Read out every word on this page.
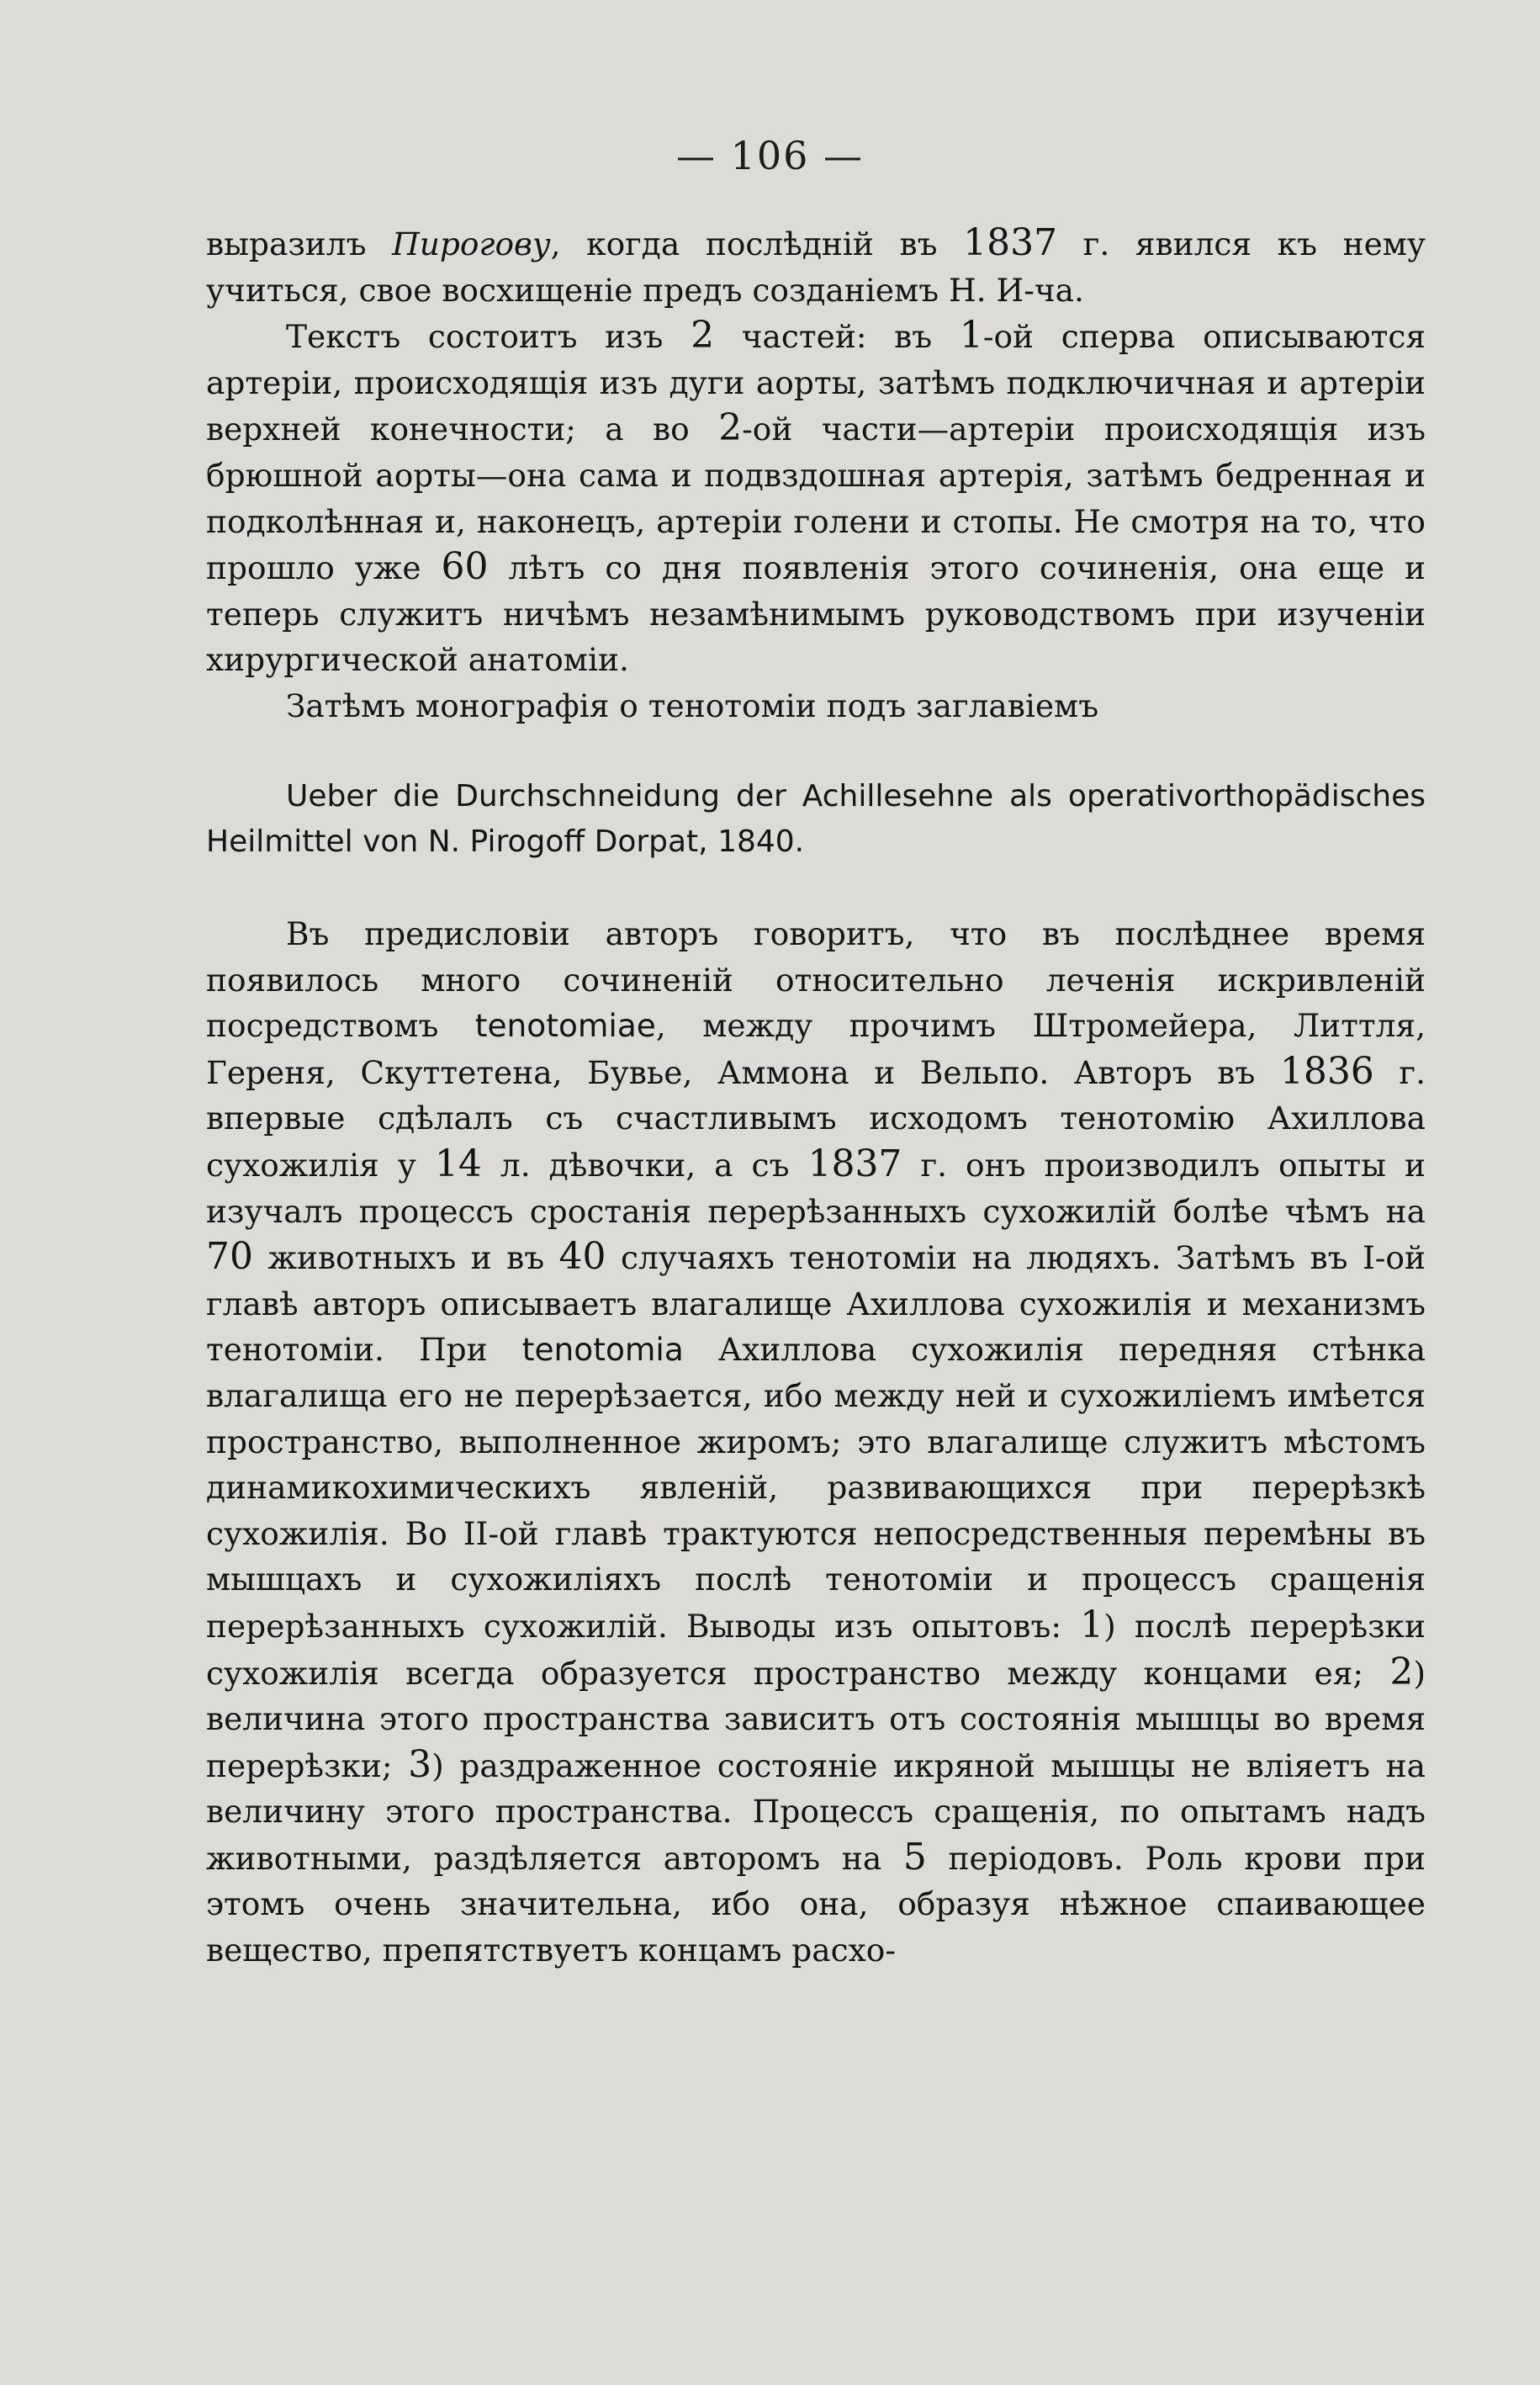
— 106 —

выразилъ Пирогову, когда послѣдній въ 1837 г. явился къ нему учиться, свое восхищеніе предъ созданіемъ Н. И-ча.

Текстъ состоитъ изъ 2 частей: въ 1-ой сперва описываются артеріи, происходящія изъ дуги аорты, затѣмъ подключичная и артеріи верхней конечности; а во 2-ой части—артеріи происходящія изъ брюшной аорты—она сама и подвздошная артерія, затѣмъ бедренная и подколѣнная и, наконецъ, артеріи голени и стопы. Не смотря на то, что прошло уже 60 лѣтъ со дня появленія этого сочиненія, она еще и теперь служитъ ничѣмъ незамѣнимымъ руководствомъ при изученіи хирургической анатоміи.

Затѣмъ монографія о тенотоміи подъ заглавіемъ

Ueber die Durchschneidung der Achillesehne als operativorthopädisches Heilmittel von N. Pirogoff Dorpat, 1840.

Въ предисловіи авторъ говоритъ, что въ послѣднее время появилось много сочиненій относительно леченія искривленій посредствомъ tenotomiae, между прочимъ Штромейера, Литтля, Гереня, Скуттетена, Бувье, Аммона и Вельпо. Авторъ въ 1836 г. впервые сдѣлалъ съ счастливымъ исходомъ тенотомію Ахиллова сухожилія у 14 л. дѣвочки, а съ 1837 г. онъ производилъ опыты и изучалъ процессъ сростанія перерѣзанныхъ сухожилій болѣе чѣмъ на 70 животныхъ и въ 40 случаяхъ тенотоміи на людяхъ. Затѣмъ въ I-ой главѣ авторъ описываетъ влагалище Ахиллова сухожилія и механизмъ тенотоміи. При tenotomia Ахиллова сухожилія передняя стѣнка влагалища его не перерѣзается, ибо между ней и сухожиліемъ имѣется пространство, выполненное жиромъ; это влагалище служитъ мѣстомъ динамикохимическихъ явленій, развивающихся при перерѣзкѣ сухожилія. Во II-ой главѣ трактуются непосредственныя перемѣны въ мышцахъ и сухожиліяхъ послѣ тенотоміи и процессъ сращенія перерѣзанныхъ сухожилій. Выводы изъ опытовъ: 1) послѣ перерѣзки сухожилія всегда образуется пространство между концами ея; 2) величина этого пространства зависитъ отъ состоянія мышцы во время перерѣзки; 3) раздраженное состояніе икряной мышцы не вліяетъ на величину этого пространства. Процессъ сращенія, по опытамъ надъ животными, раздѣляется авторомъ на 5 періодовъ. Роль крови при этомъ очень значительна, ибо она, образуя нѣжное спаивающее вещество, препятствуетъ концамъ расхо-
